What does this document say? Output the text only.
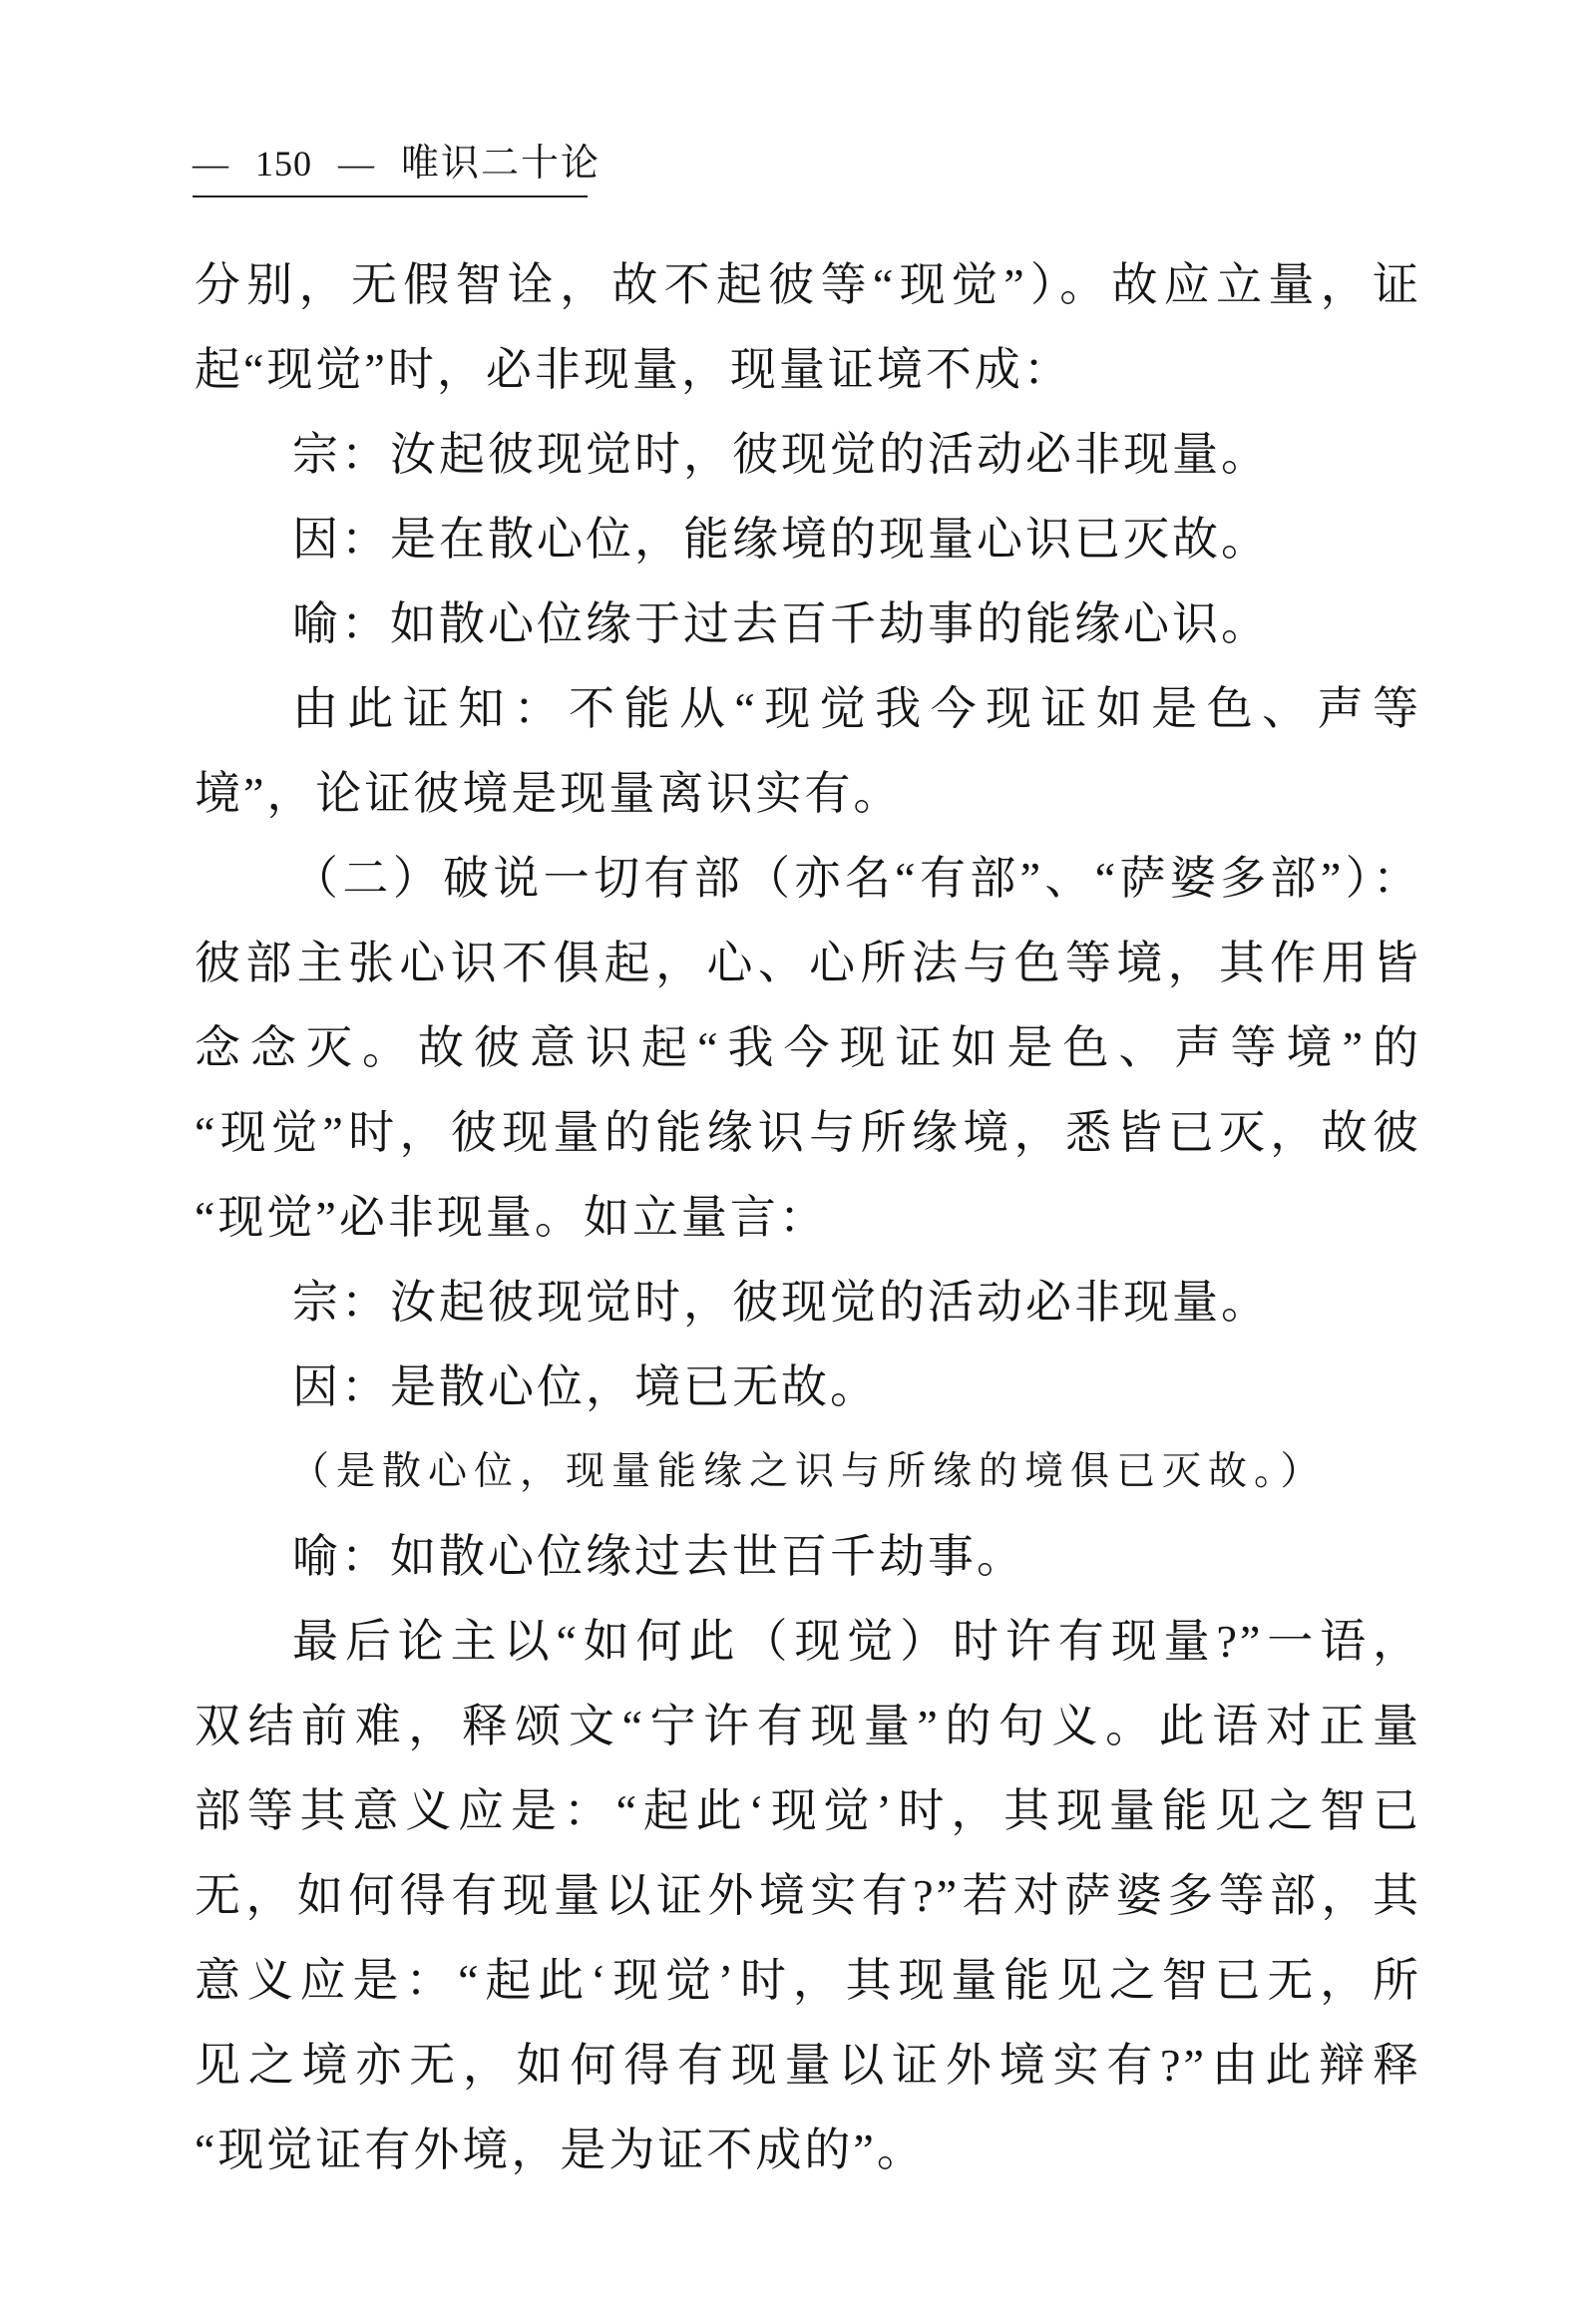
— 150 — 唯识二十论
分别，无假智诠，故不起彼等“现觉”）。故应立量，证
起“现觉”时，必非现量，现量证境不成：
宗：汝起彼现觉时，彼现觉的活动必非现量。
因：是在散心位，能缘境的现量心识已灭故。
喻：如散心位缘于过去百千劫事的能缘心识。
由此证知：不能从“现觉我今现证如是色、声等
境”，论证彼境是现量离识实有。
（二）破说一切有部（亦名“有部”、“萨婆多部”）：
彼部主张心识不俱起，心、心所法与色等境，其作用皆
念念灭。故彼意识起“我今现证如是色、声等境”的
“现觉”时，彼现量的能缘识与所缘境，悉皆已灭，故彼
“现觉”必非现量。如立量言：
宗：汝起彼现觉时，彼现觉的活动必非现量。
因：是散心位，境已无故。
（是散心位，现量能缘之识与所缘的境俱已灭故。）
喻：如散心位缘过去世百千劫事。
最后论主以“如何此（现觉）时许有现量?”一语，
双结前难，释颂文“宁许有现量”的句义。此语对正量
部等其意义应是：“起此‘现觉’时，其现量能见之智已
无，如何得有现量以证外境实有?”若对萨婆多等部，其
意义应是：“起此‘现觉’时，其现量能见之智已无，所
见之境亦无，如何得有现量以证外境实有?”由此辩释
“现觉证有外境，是为证不成的”。
